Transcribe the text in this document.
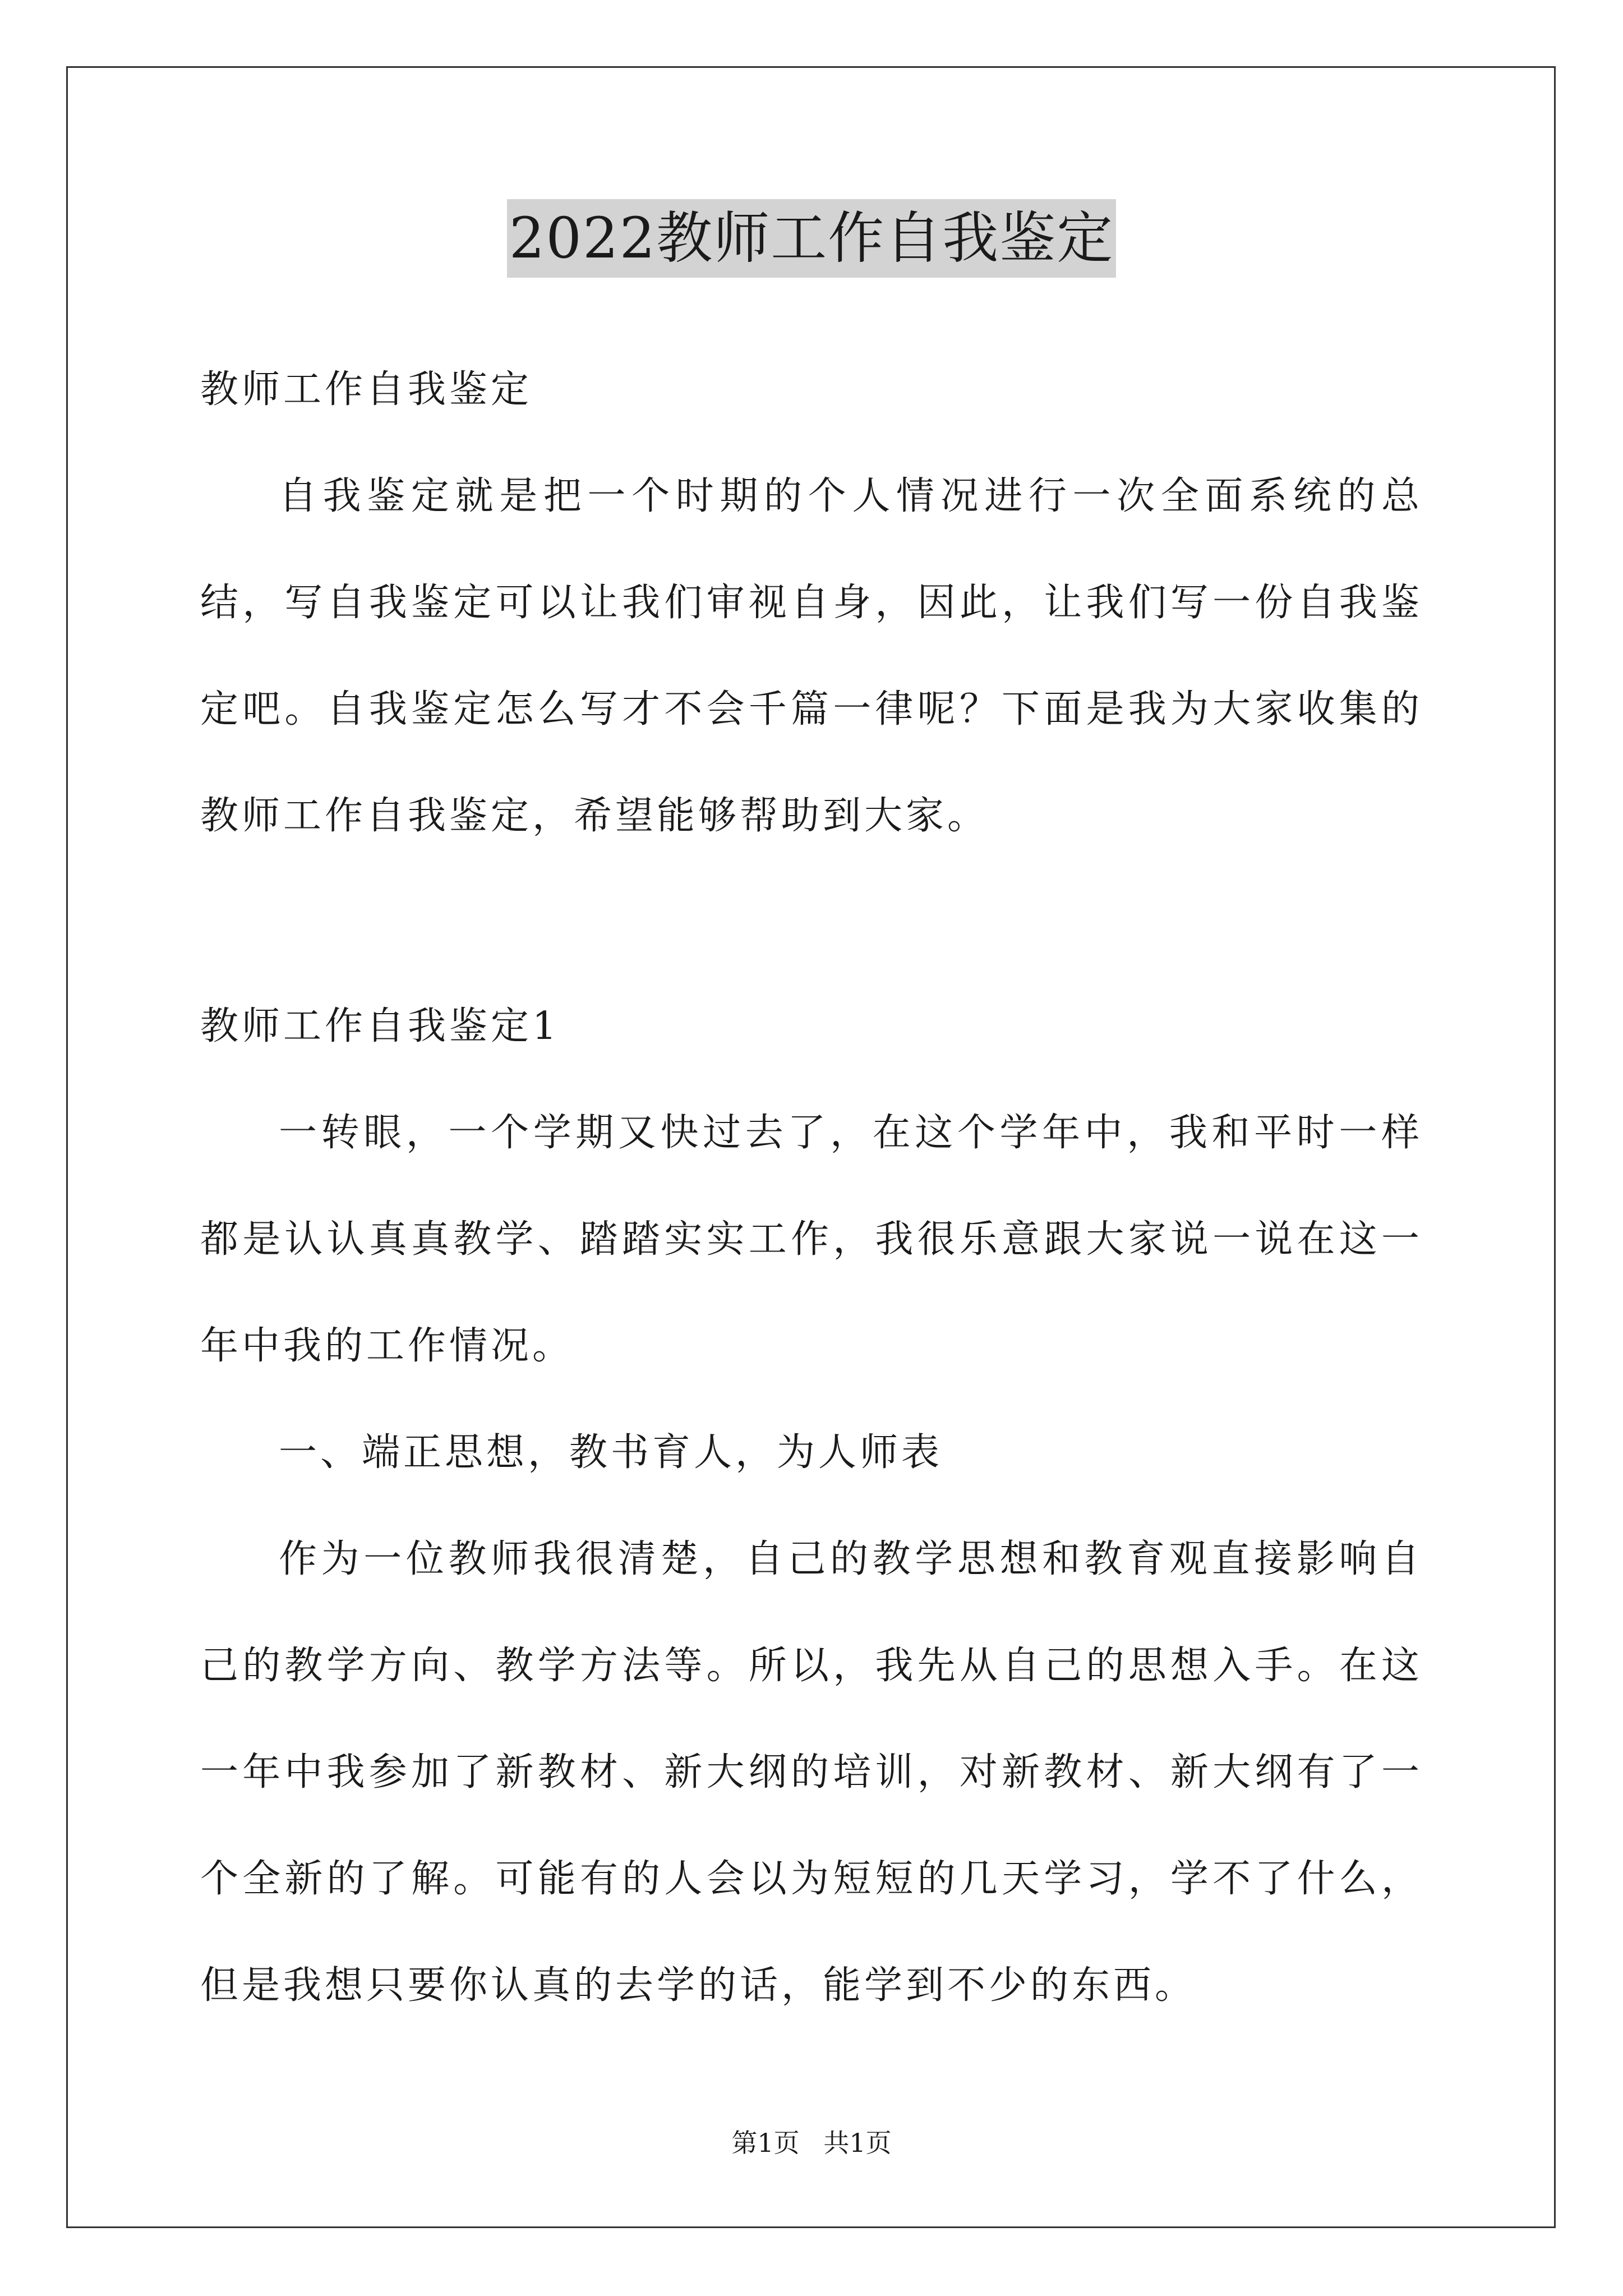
2022教师工作自我鉴定

教师工作自我鉴定

自我鉴定就是把一个时期的个人情况进行一次全面系统的总结，写自我鉴定可以让我们审视自身，因此，让我们写一份自我鉴定吧。自我鉴定怎么写才不会千篇一律呢？下面是我为大家收集的教师工作自我鉴定，希望能够帮助到大家。

教师工作自我鉴定1

一转眼，一个学期又快过去了，在这个学年中，我和平时一样都是认认真真教学、踏踏实实工作，我很乐意跟大家说一说在这一年中我的工作情况。

一、端正思想，教书育人，为人师表

作为一位教师我很清楚，自己的教学思想和教育观直接影响自己的教学方向、教学方法等。所以，我先从自己的思想入手。在这一年中我参加了新教材、新大纲的培训，对新教材、新大纲有了一个全新的了解。可能有的人会以为短短的几天学习，学不了什么，但是我想只要你认真的去学的话，能学到不少的东西。

第1页 共1页
